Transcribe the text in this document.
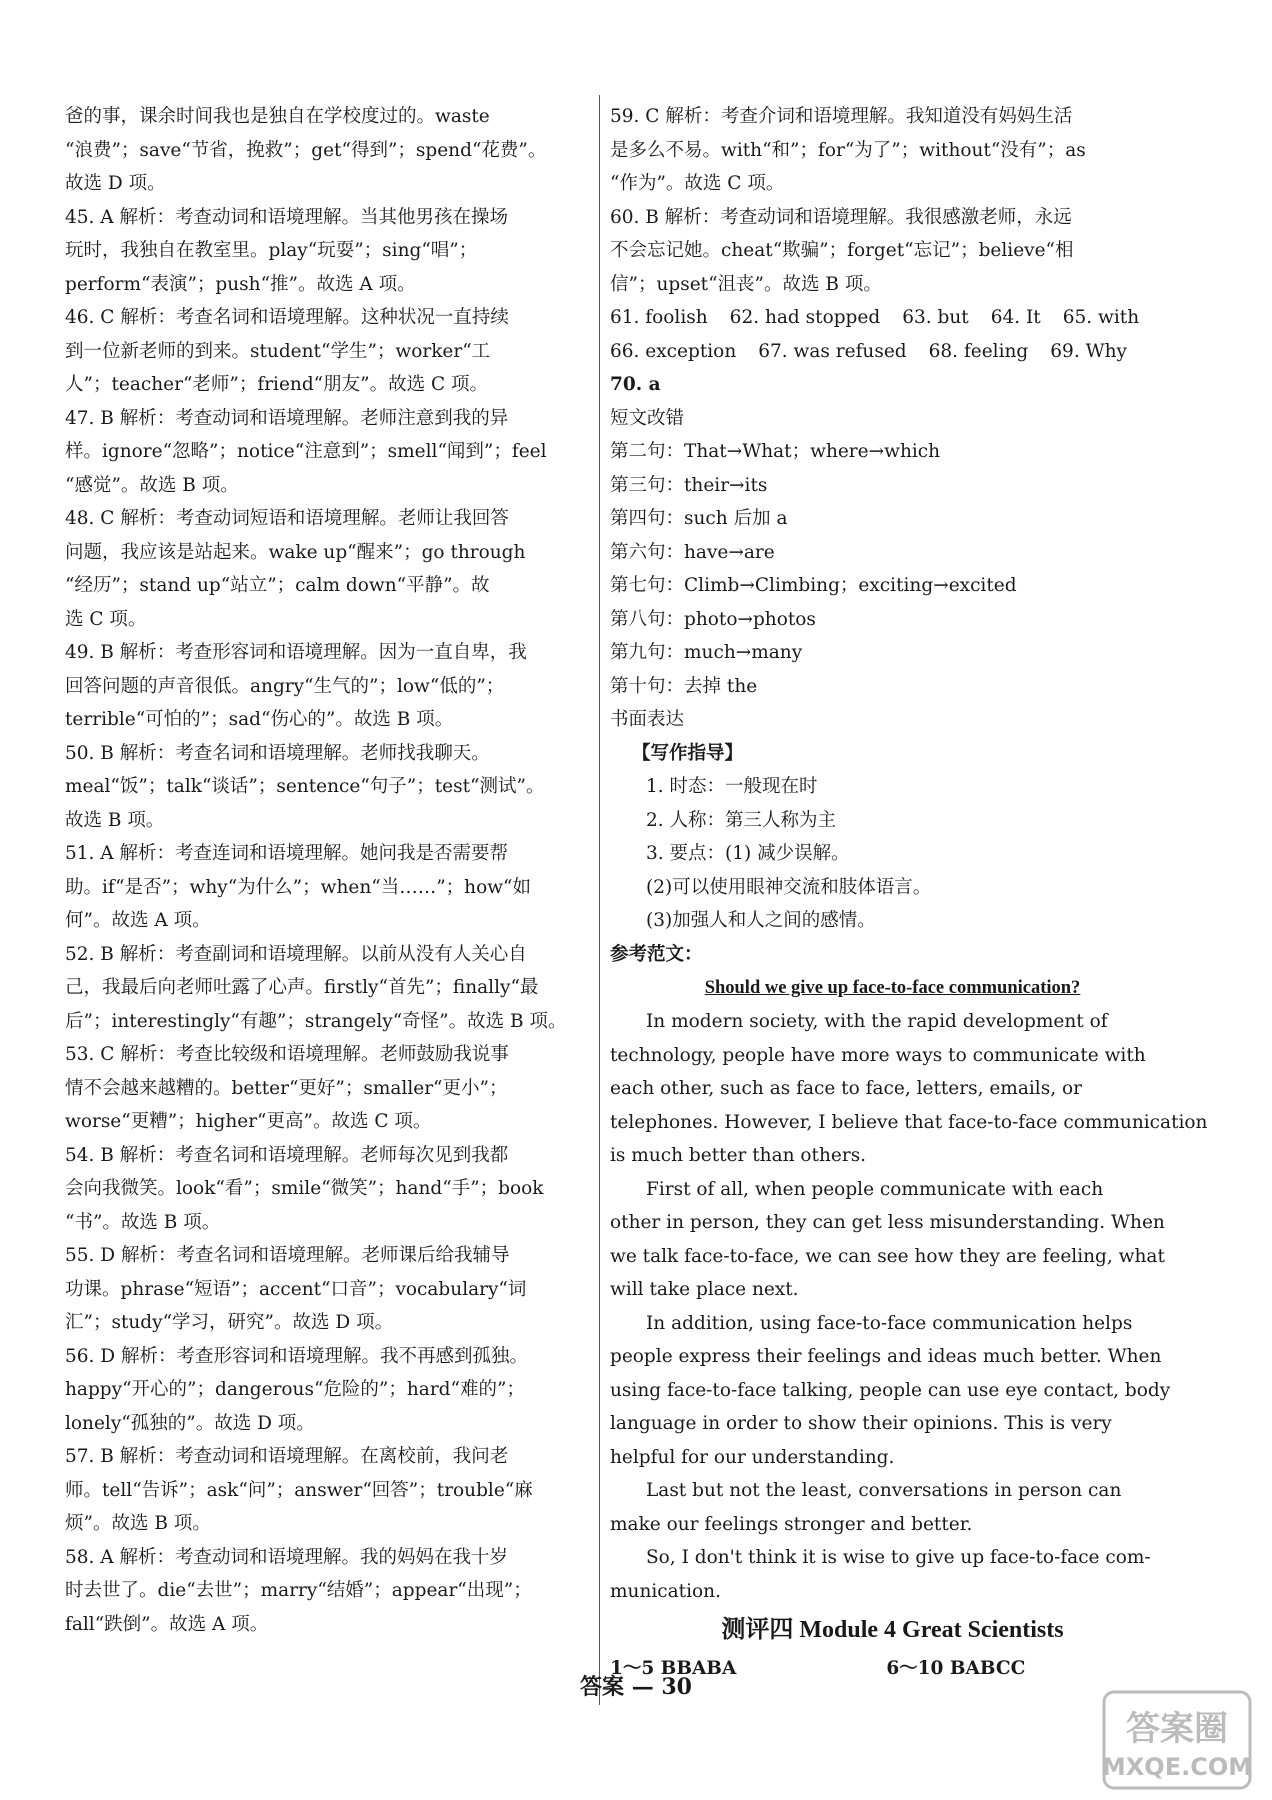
爸的事，课余时间我也是独自在学校度过的。waste
“浪费”；save“节省，挽救”；get“得到”；spend“花费”。
故选 D 项。
45. A 解析：考查动词和语境理解。当其他男孩在操场
玩时，我独自在教室里。play“玩耍”；sing“唱”；
perform“表演”；push“推”。故选 A 项。
46. C 解析：考查名词和语境理解。这种状况一直持续
到一位新老师的到来。student“学生”；worker“工
人”；teacher“老师”；friend“朋友”。故选 C 项。
47. B 解析：考查动词和语境理解。老师注意到我的异
样。ignore“忽略”；notice“注意到”；smell“闻到”；feel
“感觉”。故选 B 项。
48. C 解析：考查动词短语和语境理解。老师让我回答
问题，我应该是站起来。wake up“醒来”；go through
“经历”；stand up“站立”；calm down“平静”。故
选 C 项。
49. B 解析：考查形容词和语境理解。因为一直自卑，我
回答问题的声音很低。angry“生气的”；low“低的”；
terrible“可怕的”；sad“伤心的”。故选 B 项。
50. B 解析：考查名词和语境理解。老师找我聊天。
meal“饭”；talk“谈话”；sentence“句子”；test“测试”。
故选 B 项。
51. A 解析：考查连词和语境理解。她问我是否需要帮
助。if“是否”；why“为什么”；when“当……”；how“如
何”。故选 A 项。
52. B 解析：考查副词和语境理解。以前从没有人关心自
己，我最后向老师吐露了心声。firstly“首先”；finally“最
后”；interestingly“有趣”；strangely“奇怪”。故选 B 项。
53. C 解析：考查比较级和语境理解。老师鼓励我说事
情不会越来越糟的。better“更好”；smaller“更小”；
worse“更糟”；higher“更高”。故选 C 项。
54. B 解析：考查名词和语境理解。老师每次见到我都
会向我微笑。look“看”；smile“微笑”；hand“手”；book
“书”。故选 B 项。
55. D 解析：考查名词和语境理解。老师课后给我辅导
功课。phrase“短语”；accent“口音”；vocabulary“词
汇”；study“学习，研究”。故选 D 项。
56. D 解析：考查形容词和语境理解。我不再感到孤独。
happy“开心的”；dangerous“危险的”；hard“难的”；
lonely“孤独的”。故选 D 项。
57. B 解析：考查动词和语境理解。在离校前，我问老
师。tell“告诉”；ask“问”；answer“回答”；trouble“麻
烦”。故选 B 项。
58. A 解析：考查动词和语境理解。我的妈妈在我十岁
时去世了。die“去世”；marry“结婚”；appear“出现”；
fall“跌倒”。故选 A 项。
59. C 解析：考查介词和语境理解。我知道没有妈妈生活
是多么不易。with“和”；for“为了”；without“没有”；as
“作为”。故选 C 项。
60. B 解析：考查动词和语境理解。我很感激老师，永远
不会忘记她。cheat“欺骗”；forget“忘记”；believe“相
信”；upset“沮丧”。故选 B 项。
61. foolish 62. had stopped 63. but 64. It 65. with
66. exception 67. was refused 68. feeling 69. Why
70. a
短文改错
第二句：That→What；where→which
第三句：their→its
第四句：such 后加 a
第六句：have→are
第七句：Climb→Climbing；exciting→excited
第八句：photo→photos
第九句：much→many
第十句：去掉 the
书面表达
【写作指导】
1. 时态：一般现在时
2. 人称：第三人称为主
3. 要点：(1) 减少误解。
(2)可以使用眼神交流和肢体语言。
(3)加强人和人之间的感情。
参考范文：
Should we give up face-to-face communication?
In modern society, with the rapid development of
technology, people have more ways to communicate with
each other, such as face to face, letters, emails, or
telephones. However, I believe that face-to-face communication
is much better than others.
First of all, when people communicate with each
other in person, they can get less misunderstanding. When
we talk face-to-face, we can see how they are feeling, what
will take place next.
In addition, using face-to-face communication helps
people express their feelings and ideas much better. When
using face-to-face talking, people can use eye contact, body
language in order to show their opinions. This is very
helpful for our understanding.
Last but not the least, conversations in person can
make our feelings stronger and better.
So, I don't think it is wise to give up face-to-face com-
munication.
测评四 Module 4 Great Scientists
1～5 BBABA	6～10 BABCC
答案 — 30
答案圈
MXQE.COM
